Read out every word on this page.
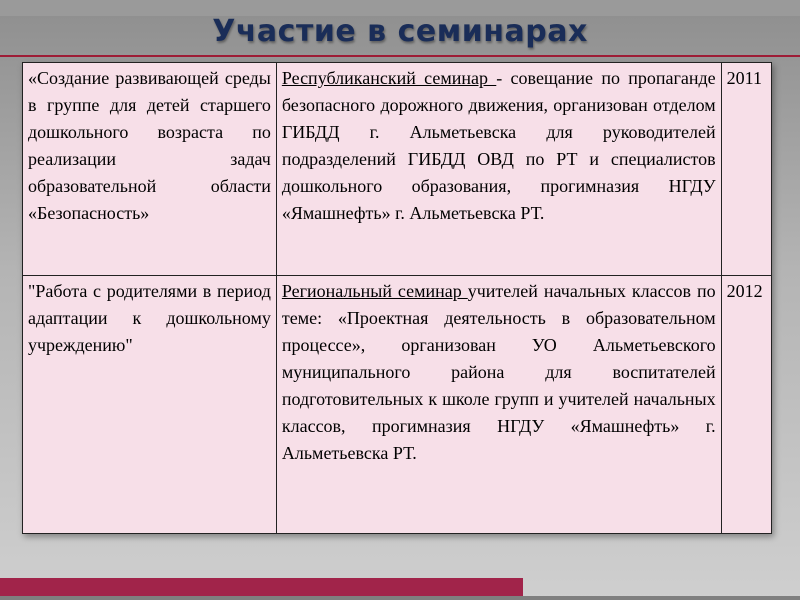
Участие в семинарах
«Создание развивающей среды в группе для детей старшего дошкольного возраста по реализации задач образовательной области «Безопасность»	Республиканский семинар - совещание по пропаганде безопасного дорожного движения, организован отделом ГИБДД г. Альметьевска для руководителей подразделений ГИБДД ОВД по РТ и специалистов дошкольного образования, прогимназия НГДУ «Ямашнефть» г. Альметьевска РТ.	2011
"Работа с родителями в период адаптации к дошкольному учреждению"	Региональный семинар учителей начальных классов по теме: «Проектная деятельность в образовательном процессе», организован УО Альметьевского муниципального района для воспитателей подготовительных к школе групп и учителей начальных классов, прогимназия НГДУ «Ямашнефть» г. Альметьевска РТ.	2012
